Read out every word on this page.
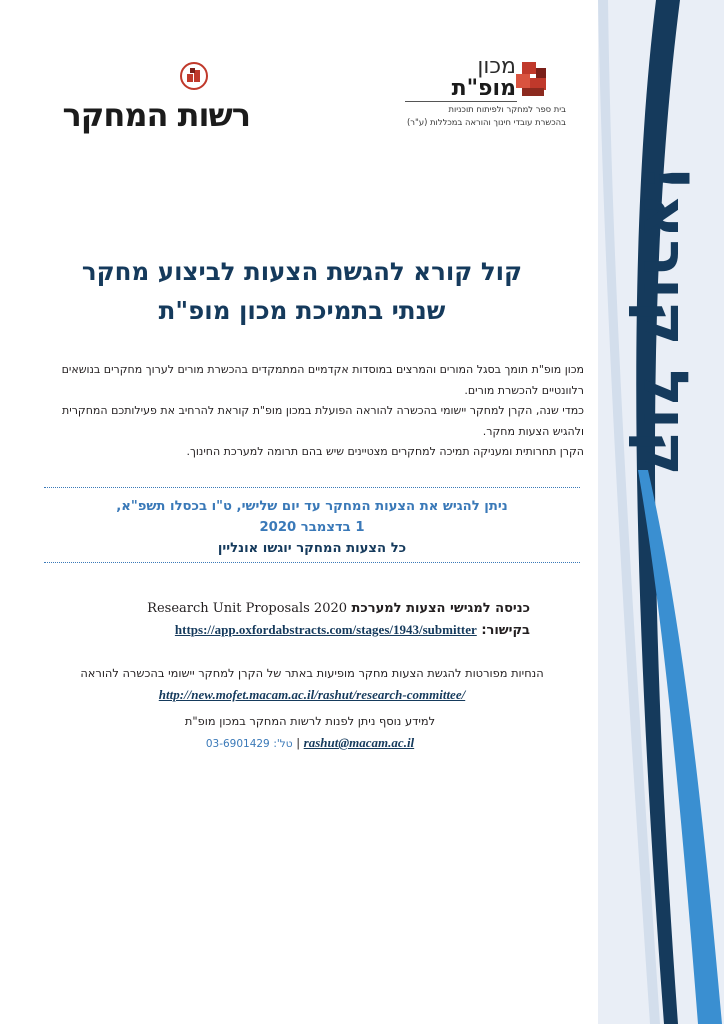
קול קורא!
רשות המחקר
מכון
מופ"ת
בית ספר למחקר ולפיתוח תוכניות
בהכשרת עובדי חינוך והוראה במכללות (ע"ר)
קול קורא להגשת הצעות לביצוע מחקר
שנתי בתמיכת מכון מופ"ת

מכון מופ"ת תומך בסגל המורים והמרצים במוסדות אקדמיים המתמקדים בהכשרת מורים לערוך מחקרים בנושאים רלוונטיים להכשרת מורים.

כמדי שנה, הקרן למחקר יישומי בהכשרה להוראה הפועלת במכון מופ"ת קוראת להרחיב את פעילותכם המחקרית ולהגיש הצעות מחקר.

הקרן תחרותית ומעניקה תמיכה למחקרים מצטיינים שיש בהם תרומה למערכת החינוך.

ניתן להגיש את הצעות המחקר עד יום שלישי, ט"ו בכסלו תשפ"א,
1 בדצמבר 2020
כל הצעות המחקר יוגשו אונליין
כניסה למגישי הצעות למערכת Research Unit Proposals 2020
בקישור: https://app.oxfordabstracts.com/stages/1943/submitter
הנחיות מפורטות להגשת הצעות מחקר מופיעות באתר של הקרן למחקר יישומי בהכשרה להוראה
http://new.mofet.macam.ac.il/rashut/research-committee/
למידע נוסף ניתן לפנות לרשות המחקר במכון מופ"ת
rashut@macam.ac.il | טל': 03-6901429
